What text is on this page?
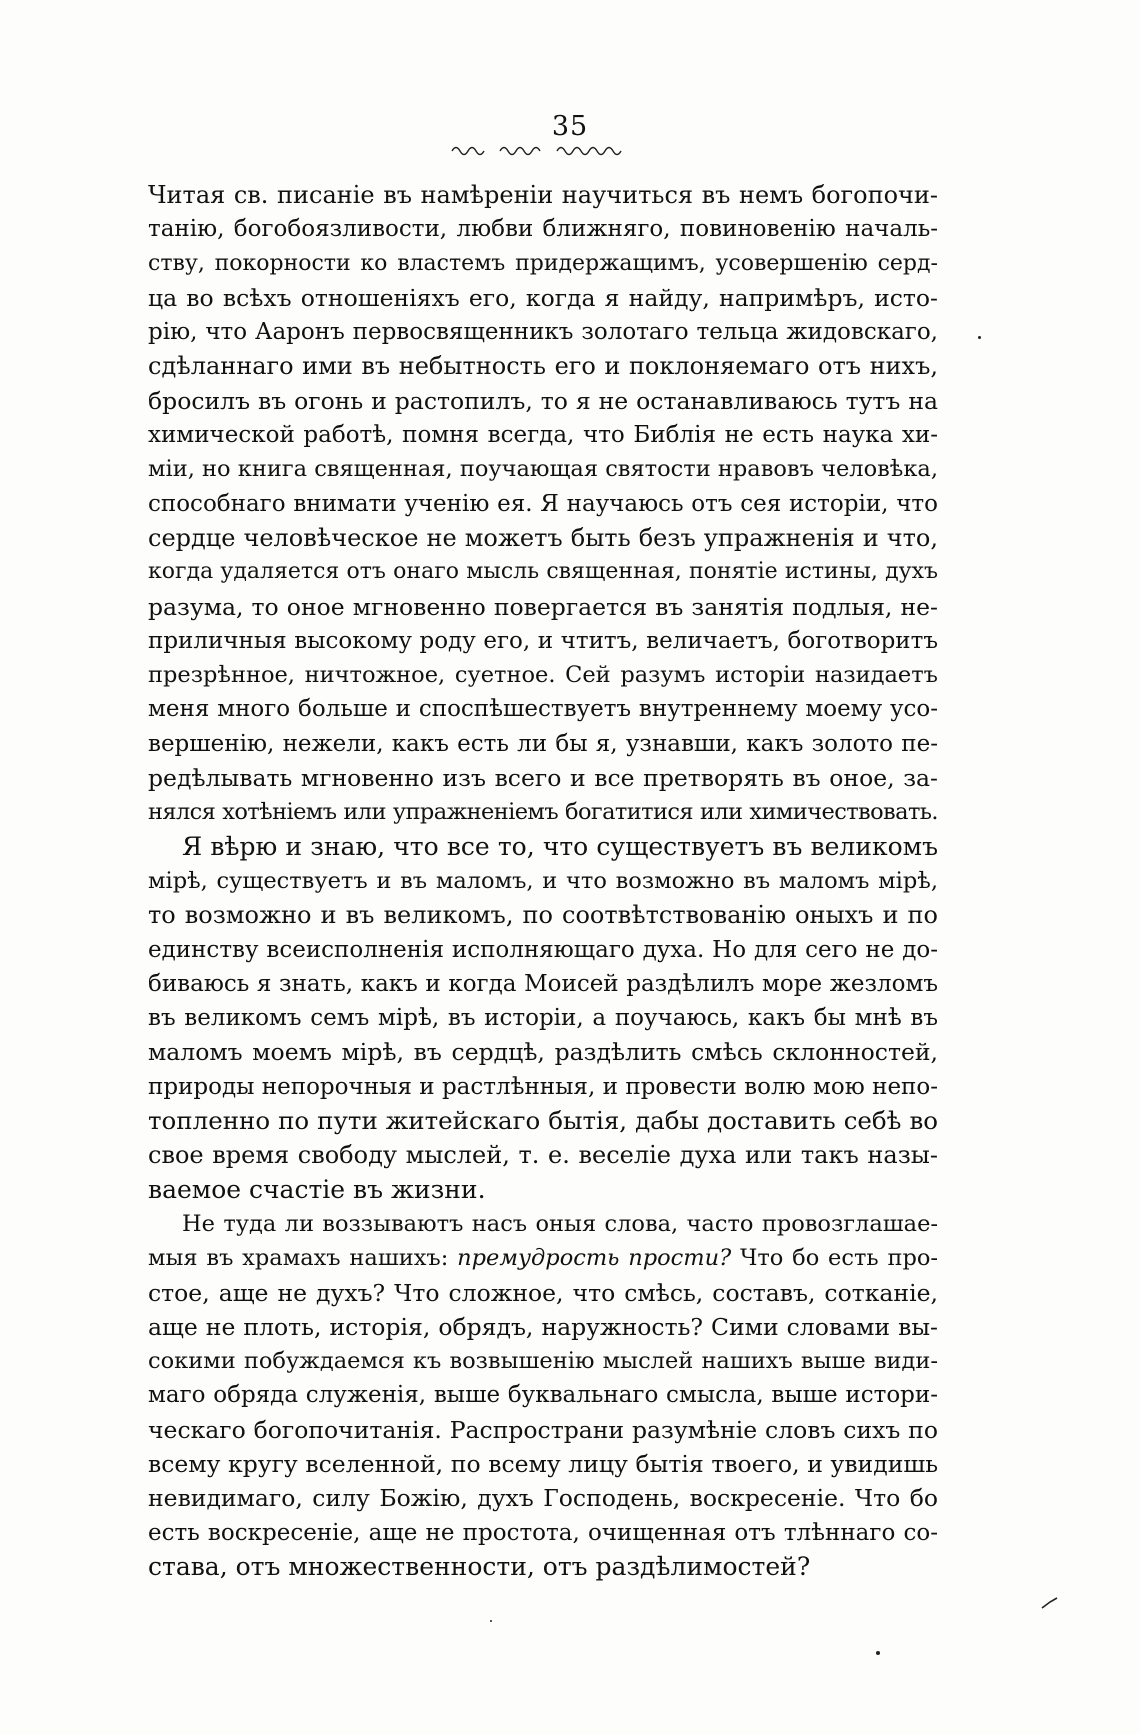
35
Читая св. писаніе въ намѣреніи научиться въ немъ богопочи-
танію, богобоязливости, любви ближняго, повиновенію началь-
ству, покорности ко властемъ придержащимъ, усовершенію серд-
ца во всѣхъ отношеніяхъ его, когда я найду, напримѣръ, исто-
рію, что Ааронъ первосвященникъ золотаго тельца жидовскаго,
сдѣланнаго ими въ небытность его и поклоняемаго отъ нихъ,
бросилъ въ огонь и растопилъ, то я не останавливаюсь тутъ на
химической работѣ, помня всегда, что Библія не есть наука хи-
міи, но книга священная, поучающая святости нравовъ человѣка,
способнаго внимати ученію ея. Я научаюсь отъ сея исторіи, что
сердце человѣческое не можетъ быть безъ упражненія и что,
когда удаляется отъ онаго мысль священная, понятіе истины, духъ
разума, то оное мгновенно повергается въ занятія подлыя, не-
приличныя высокому роду его, и чтитъ, величаетъ, боготворитъ
презрѣнное, ничтожное, суетное. Сей разумъ исторіи назидаетъ
меня много больше и споспѣшествуетъ внутреннему моему усо-
вершенію, нежели, какъ есть ли бы я, узнавши, какъ золото пе-
редѣлывать мгновенно изъ всего и все претворять въ оное, за-
нялся хотѣніемъ или упражненіемъ богатитися или химичествовать.
Я вѣрю и знаю, что все то, что существуетъ въ великомъ
мірѣ, существуетъ и въ маломъ, и что возможно въ маломъ мірѣ,
то возможно и въ великомъ, по соотвѣтствованію оныхъ и по
единству всеисполненія исполняющаго духа. Но для сего не до-
биваюсь я знать, какъ и когда Моисей раздѣлилъ море жезломъ
въ великомъ семъ мірѣ, въ исторіи, а поучаюсь, какъ бы мнѣ въ
маломъ моемъ мірѣ, въ сердцѣ, раздѣлить смѣсь склонностей,
природы непорочныя и растлѣнныя, и провести волю мою непо-
топленно по пути житейскаго бытія, дабы доставить себѣ во
свое время свободу мыслей, т. е. веселіе духа или такъ назы-
ваемое счастіе въ жизни.
Не туда ли воззываютъ насъ оныя слова, часто провозглашае-
мыя въ храмахъ нашихъ: премудрость прости? Что бо есть про-
стое, аще не духъ? Что сложное, что смѣсь, составъ, сотканіе,
аще не плоть, исторія, обрядъ, наружность? Сими словами вы-
сокими побуждаемся къ возвышенію мыслей нашихъ выше види-
маго обряда служенія, выше буквальнаго смысла, выше истори-
ческаго богопочитанія. Распространи разумѣніе словъ сихъ по
всему кругу вселенной, по всему лицу бытія твоего, и увидишь
невидимаго, силу Божію, духъ Господень, воскресеніе. Что бо
есть воскресеніе, аще не простота, очищенная отъ тлѣннаго со-
става, отъ множественности, отъ раздѣлимостей?
